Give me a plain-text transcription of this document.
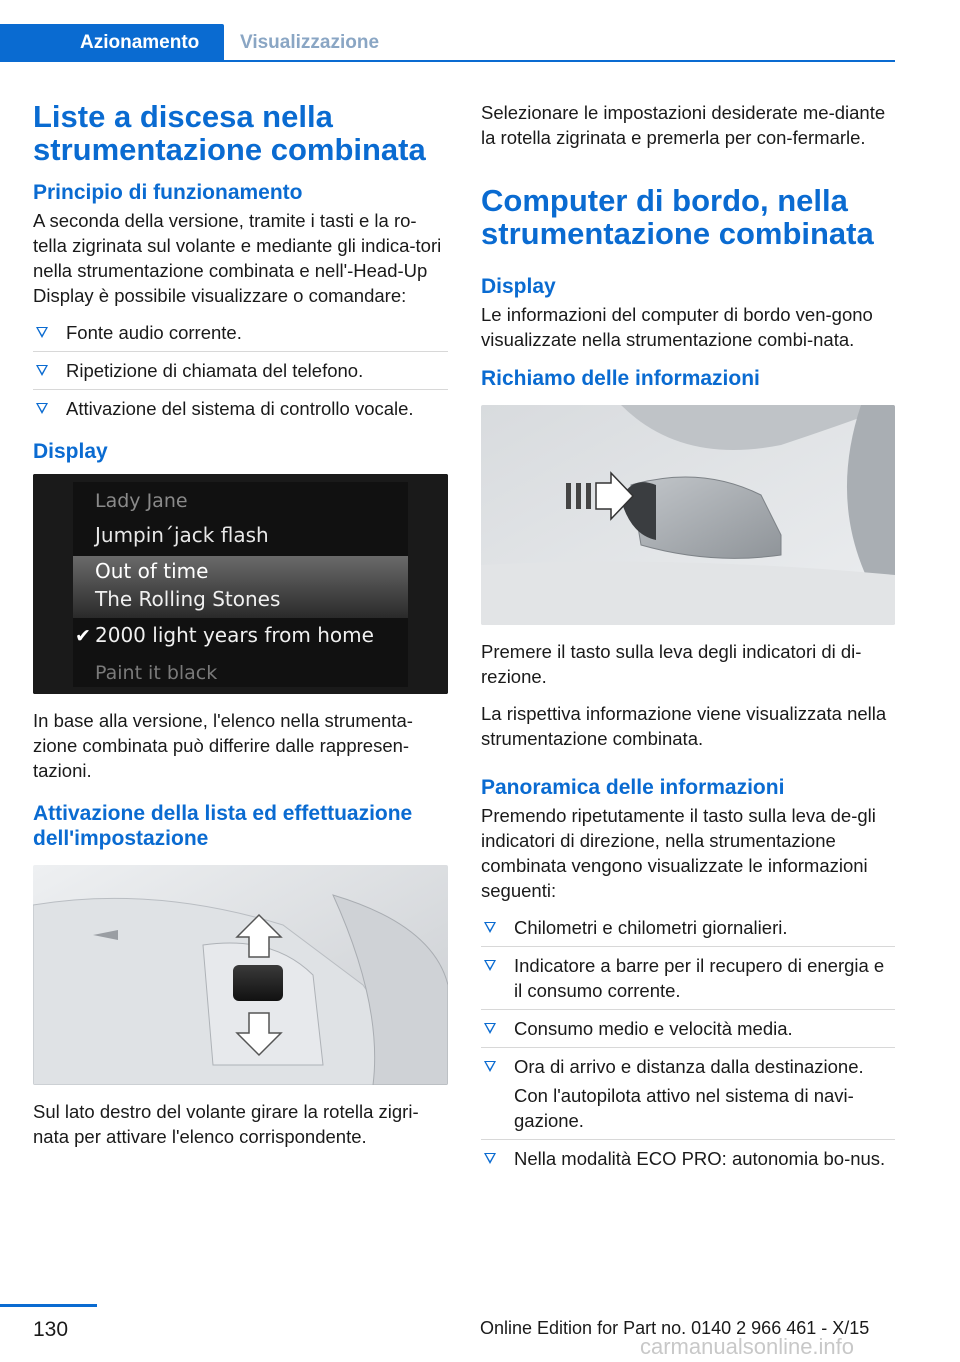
Azionamento	Visualizzazione
Liste a discesa nella strumentazione combinata
Principio di funzionamento

A seconda della versione, tramite i tasti e la ro-tella zigrinata sul volante e mediante gli indica-tori nella strumentazione combinata e nell'-Head-Up Display è possibile visualizzare o comandare:

Fonte audio corrente.
Ripetizione di chiamata del telefono.
Attivazione del sistema di controllo vocale.
Display
Lady Jane
Jumpin´jack flash
Out of time
The Rolling Stones
✔ 2000 light years from home
Paint it black

In base alla versione, l'elenco nella strumenta-zione combinata può differire dalle rappresen-tazioni.

Attivazione della lista ed effettuazione dell'impostazione

Sul lato destro del volante girare la rotella zigri-nata per attivare l'elenco corrispondente.

Selezionare le impostazioni desiderate me-diante la rotella zigrinata e premerla per con-fermarle.

Computer di bordo, nella strumentazione combinata
Display

Le informazioni del computer di bordo ven-gono visualizzate nella strumentazione combi-nata.

Richiamo delle informazioni

Premere il tasto sulla leva degli indicatori di di-rezione.

La rispettiva informazione viene visualizzata nella strumentazione combinata.

Panoramica delle informazioni

Premendo ripetutamente il tasto sulla leva de-gli indicatori di direzione, nella strumentazione combinata vengono visualizzate le informazioni seguenti:

Chilometri e chilometri giornalieri.
Indicatore a barre per il recupero di energia e il consumo corrente.
Consumo medio e velocità media.
Ora di arrivo e distanza dalla destinazione.
Con l'autopilota attivo nel sistema di navi-gazione.
Nella modalità ECO PRO: autonomia bo-nus.
130	Online Edition for Part no. 0140 2 966 461 - X/15
carmanualsonline.info
